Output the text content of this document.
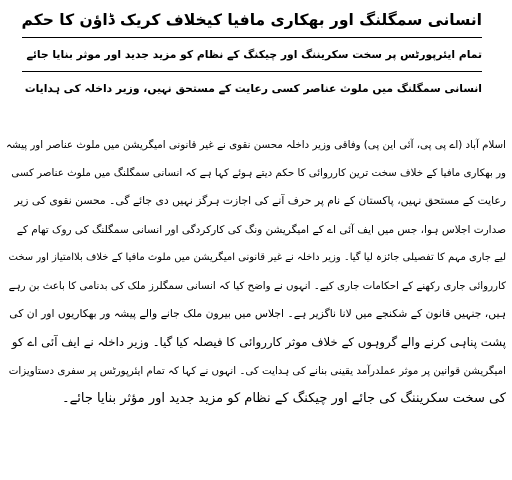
انسانی سمگلنگ اور بھکاری مافیا کیخلاف کریک ڈاؤن کا حکم
تمام ایئرپورٹس پر سخت سکریننگ اور چیکنگ کے نظام کو مزید جدید اور موثر بنایا جائے
انسانی سمگلنگ میں ملوث عناصر کسی رعایت کے مستحق نہیں، وزیر داخلہ کی ہدایات
اسلام آباد (اے پی پی، آئی این پی) وفاقی وزیر داخلہ محسن نقوی نے غیر قانونی امیگریشن میں ملوث عناصر اور پیشہ
ور بھکاری مافیا کے خلاف سخت ترین کارروائی کا حکم دیتے ہوئے کہا ہے کہ انسانی سمگلنگ میں ملوث عناصر کسی
رعایت کے مستحق نہیں، پاکستان کے نام پر حرف آنے کی اجازت ہرگز نہیں دی جائے گی۔ محسن نقوی کی زیر
صدارت اجلاس ہوا، جس میں ایف آئی اے کے امیگریشن ونگ کی کارکردگی اور انسانی سمگلنگ کی روک تھام کے
لیے جاری مہم کا تفصیلی جائزہ لیا گیا۔ وزیر داخلہ نے غیر قانونی امیگریشن میں ملوث مافیا کے خلاف بلاامتیاز اور سخت
کارروائی جاری رکھنے کے احکامات جاری کیے۔ انہوں نے واضح کیا کہ انسانی سمگلرز ملک کی بدنامی کا باعث بن رہے
ہیں، جنہیں قانون کے شکنجے میں لانا ناگزیر ہے۔ اجلاس میں بیرون ملک جانے والے پیشہ ور بھکاریوں اور ان کی
پشت پناہی کرنے والے گروہوں کے خلاف موثر کارروائی کا فیصلہ کیا گیا۔ وزیر داخلہ نے ایف آئی اے کو
امیگریشن قوانین پر موثر عملدرآمد یقینی بنانے کی ہدایت کی۔ انہوں نے کہا کہ تمام ایئرپورٹس پر سفری دستاویزات
کی سخت سکریننگ کی جائے اور چیکنگ کے نظام کو مزید جدید اور مؤثر بنایا جائے۔
